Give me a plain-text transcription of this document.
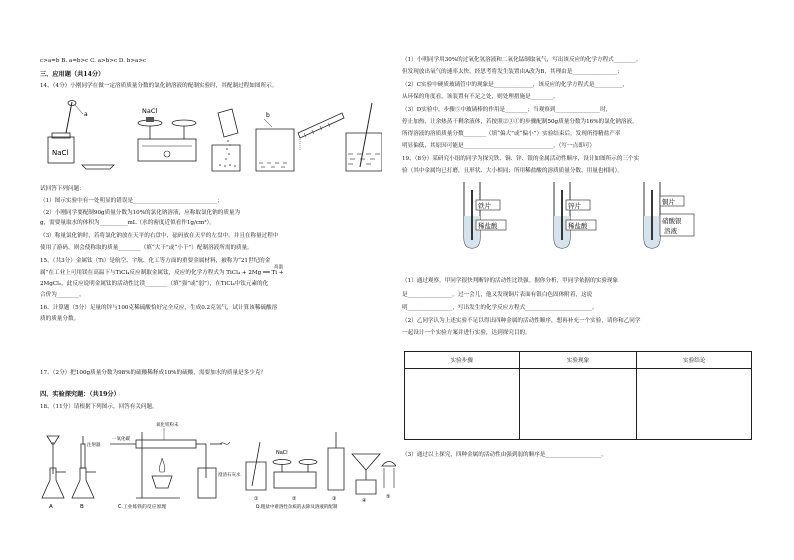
c>a=b B. a=b>c C. a>b>c D. b>a>c
三、应用题（共14分）
14、（4分）小刚同学在做一定溶质质量分数的氯化钠溶液的配制实验时，其配制过程如图所示。
NaCl
a	NaCl
b
试回答下列问题：
（1）图示实验中有一处明显的错误是______________________________；
（2）小刚同学要配制90g质量分数为10%的氯化钠溶液，应称取氯化钠的质量为
g，需要量取水的体积为__________mL（水的密度近似看作1g/cm³）。
（3）称量氯化钠时，若将氯化钠放在天平的右盘中，砝码放在天平的左盘中，并且在称量过程中
使用了游码，则会使称取的质量________（填“大于”或“小于”）配制溶液所需的质量。
15、（共3分）金属钛（Ti）是航空、宇航、化工等方面的重要金属材料，被称为“21世纪的金
高温
属”在工业上可用镁在高温下与TiCl₄反应制取金属钛，反应的化学方程式为 TiCl₄ + 2Mg ══ Ti +
2MgCl₂，此反应说明金属钛的活动性比镁________（填“强”或“弱”），在TiCl₄中钛元素的化
合价为________。
16、计算题（5分）足量的锌与100克稀硫酸恰好完全反应，生成0.2克氢气，试计算该稀硫酸溶
质的质量分数。
17、（2分）把100g质量分数为98%的硫酸稀释成10%的硫酸，需要加水的质量是多少克？
四、实验探究题：（共19分）
18、（11分）请根据下列图示，回答有关问题。
A
注射器
B
一氧化碳
氧化铁粉末
澄清石灰水
C.工业炼铁的反应原理
①
NaCl
②	③	④
⑤
D.粗盐中难溶性杂质的去除及溶液的配制
（1）小明同学用30%的过氧化氢溶液和二氧化锰制取氧气，写出该反应的化学方程式________，
但发现放出氧气的速率太快，经思考将发生装置由A改为B，其理由是________________；
（2）C实验中硬质玻璃管中的现象是______________，该反应的化学方程式是__________，
从环保的角度看，该装置有不足之处，则处理措施是________。
（3）D实验中，步骤⑤中玻璃棒的作用是________；当观察到________________时，
停止加热，让余热蒸干剩余液体，若按照②③①的步骤配制50g质量分数为16%的氯化钠溶液，
所得溶液的溶质质量分数________（填“偏大”或“偏小”）实验结束后，发现所得精盐产率
明显偏低，其原因可能是________________________________。（写一点即可）
19、（8分）某研究小组的同学为探究铁、铜、锌、银的金属活动性顺序，设计如图所示的三个实
验（其中金属均已打磨，且形状、大小相同；所用稀盐酸的溶质质量分数、用量也相同）。
铁片
稀盐酸
锌片
稀盐酸
铜片
硝酸银
溶液
（1）通过观察，甲同学很快判断锌的活动性比铁强。据你分析，甲同学依据的实验现象
是________________。过一会儿，他又发现铜片表面有银白色固体附着，这说
明________________，写出发生的化学反应方程式________________________。
（2）乙同学认为上述实验不足以得出四种金属的活动性顺序，想再补充一个实验，请你和乙同学
一起设计一个实验方案并进行实验，达到探究目的。
实验步骤	实验现象	实验结论

（3）通过以上探究，四种金属的活动性由强到弱的顺序是____________________。
